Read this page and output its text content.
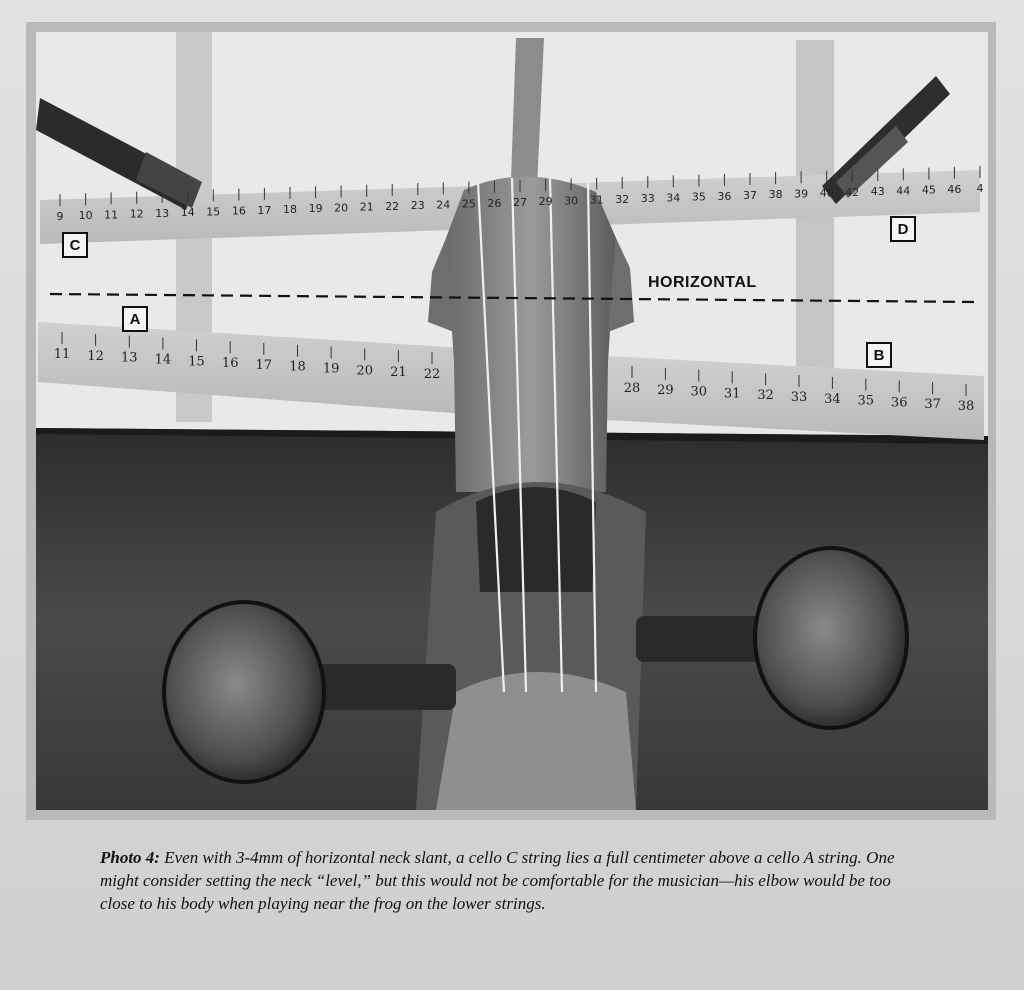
9 10 11 12 13 14 15 16 17 18 19 20 21 22 23 24 25 26 27 29 30 31 32 33 34 35 36 37 38 39 40 42 43 44 45 46 4
11 12 13 14 15 16 17 18 19 20 21 22
28 29 30 31 32 33 34 35 36 37 38
C
D
A
B
HORIZONTAL
Photo 4: Even with 3-4mm of horizontal neck slant, a cello C string lies a full centimeter above a cello A string. One might consider setting the neck “level,” but this would not be comfortable for the musician—his elbow would be too close to his body when playing near the frog on the lower strings.
